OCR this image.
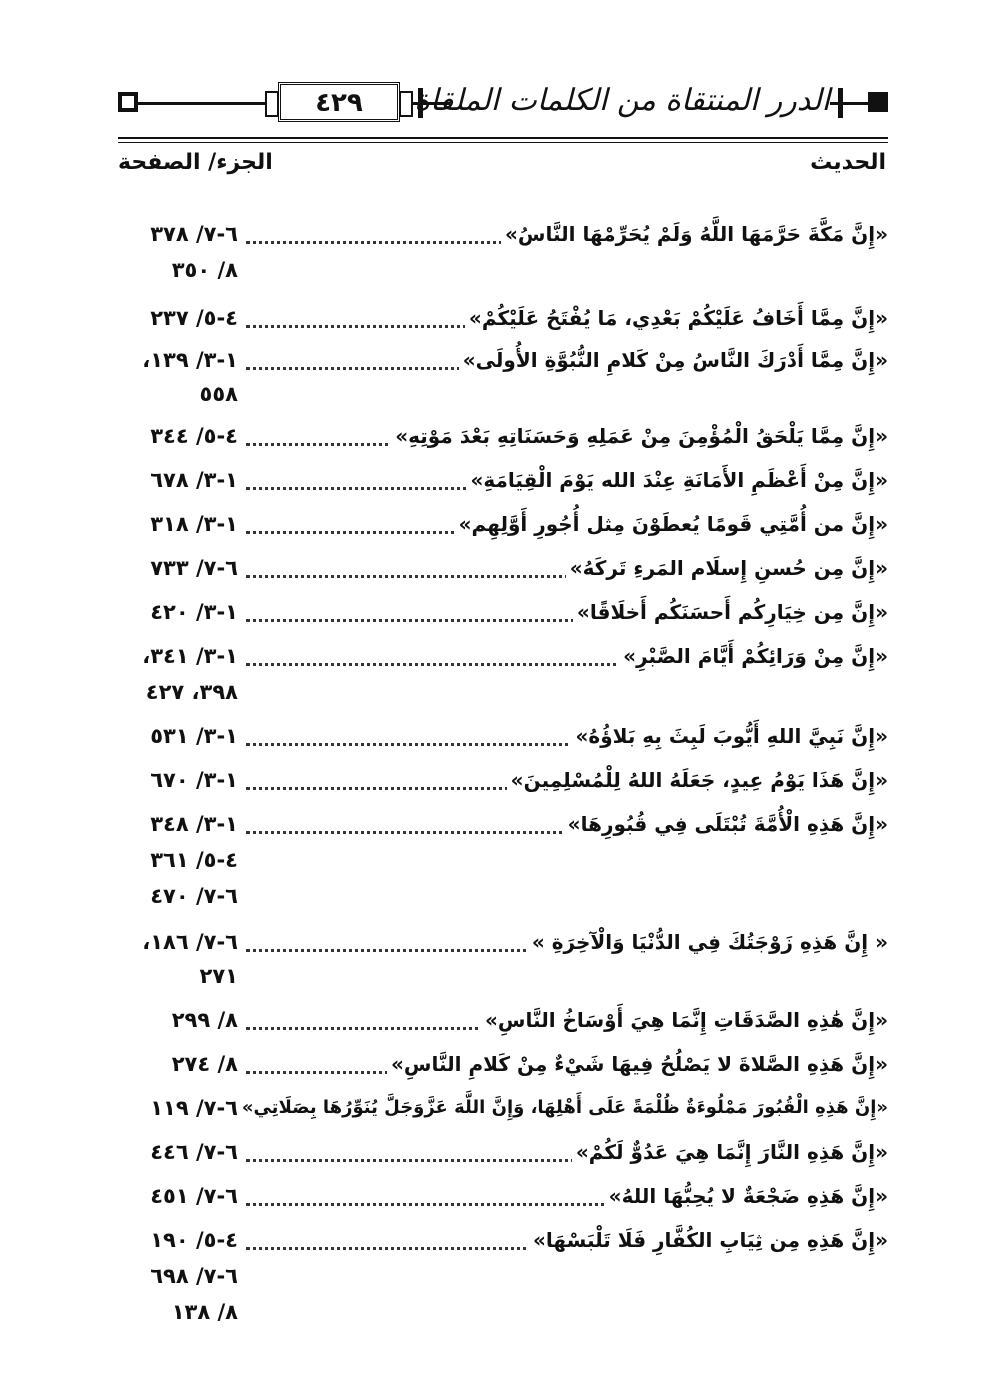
٤٢٩	الدرر المنتقاة من الكلمات الملقاة
الحديث
الجزء/ الصفحة
«إِنَّ مَكَّةَ حَرَّمَهَا اللَّهُ وَلَمْ يُحَرِّمْهَا النَّاسُ»
٦-٧/ ٣٧٨
٨/ ٣٥٠
«إِنَّ مِمَّا أَخَافُ عَلَيْكُمْ بَعْدِي، مَا يُفْتَحُ عَلَيْكُمْ»
٤-٥/ ٢٣٧
«إِنَّ مِمَّا أَدْرَكَ النَّاسُ مِنْ كَلامِ النُّبُوَّةِ الأُولَى»
١-٣/ ١٣٩،
٥٥٨
«إِنَّ مِمَّا يَلْحَقُ الْمُؤْمِنَ مِنْ عَمَلِهِ وَحَسَنَاتِهِ بَعْدَ مَوْتِهِ»
٤-٥/ ٣٤٤
«إِنَّ مِنْ أَعْظَمِ الأَمَانَةِ عِنْدَ الله يَوْمَ الْقِيَامَةِ»
١-٣/ ٦٧٨
«إِنَّ من أُمَّتِي قَومًا يُعطَوْنَ مِثل أُجُورِ أَوَّلِهِم»
١-٣/ ٣١٨
«إِنَّ مِن حُسنِ إِسلَام المَرءِ تَركَهُ»
٦-٧/ ٧٣٣
«إِنَّ مِن خِيَارِكُم أَحسَنَكُم أَخلَاقًا»
١-٣/ ٤٢٠
«إِنَّ مِنْ وَرَائِكُمْ أَيَّامَ الصَّبْرِ»
١-٣/ ٣٤١،
٣٩٨، ٤٢٧
«إِنَّ نَبِيَّ اللهِ أَيُّوبَ لَبِثَ بِهِ بَلاؤُهُ»
١-٣/ ٥٣١
«إِنَّ هَذَا يَوْمُ عِيدٍ، جَعَلَهُ اللهُ لِلْمُسْلِمِينَ»
١-٣/ ٦٧٠
«إِنَّ هَذِهِ الْأُمَّةَ تُبْتَلَى فِي قُبُورِهَا»
١-٣/ ٣٤٨
٤-٥/ ٣٦١
٦-٧/ ٤٧٠
« إِنَّ هَذِهِ زَوْجَتُكَ فِي الدُّنْيَا وَالْآخِرَةِ »
٦-٧/ ١٨٦،
٢٧١
«إِنَّ هَٰذِهِ الصَّدَقَاتِ إِنَّمَا هِيَ أَوْسَاخُ النَّاسِ»
٨/ ٢٩٩
«إِنَّ هَذِهِ الصَّلاةَ لا يَصْلُحُ فِيهَا شَيْءٌ مِنْ كَلامِ النَّاسِ»
٨/ ٢٧٤
«إِنَّ هَذِهِ الْقُبُورَ مَمْلُوءَةٌ ظُلْمَةً عَلَى أَهْلِهَا، وَإِنَّ اللَّهَ عَزَّوَجَلَّ يُنَوِّرُهَا بِصَلَاتِي»
٦-٧/ ١١٩
«إِنَّ هَذِهِ النَّارَ إِنَّمَا هِيَ عَدُوٌّ لَكُمْ»
٦-٧/ ٤٤٦
«إِنَّ هَذِهِ ضَجْعَةٌ لا يُحِبُّهَا اللهُ»
٦-٧/ ٤٥١
«إِنَّ هَذِهِ مِن ثِيَابِ الكُفَّارِ فَلَا تَلْبَسْهَا»
٤-٥/ ١٩٠
٦-٧/ ٦٩٨
٨/ ١٣٨
